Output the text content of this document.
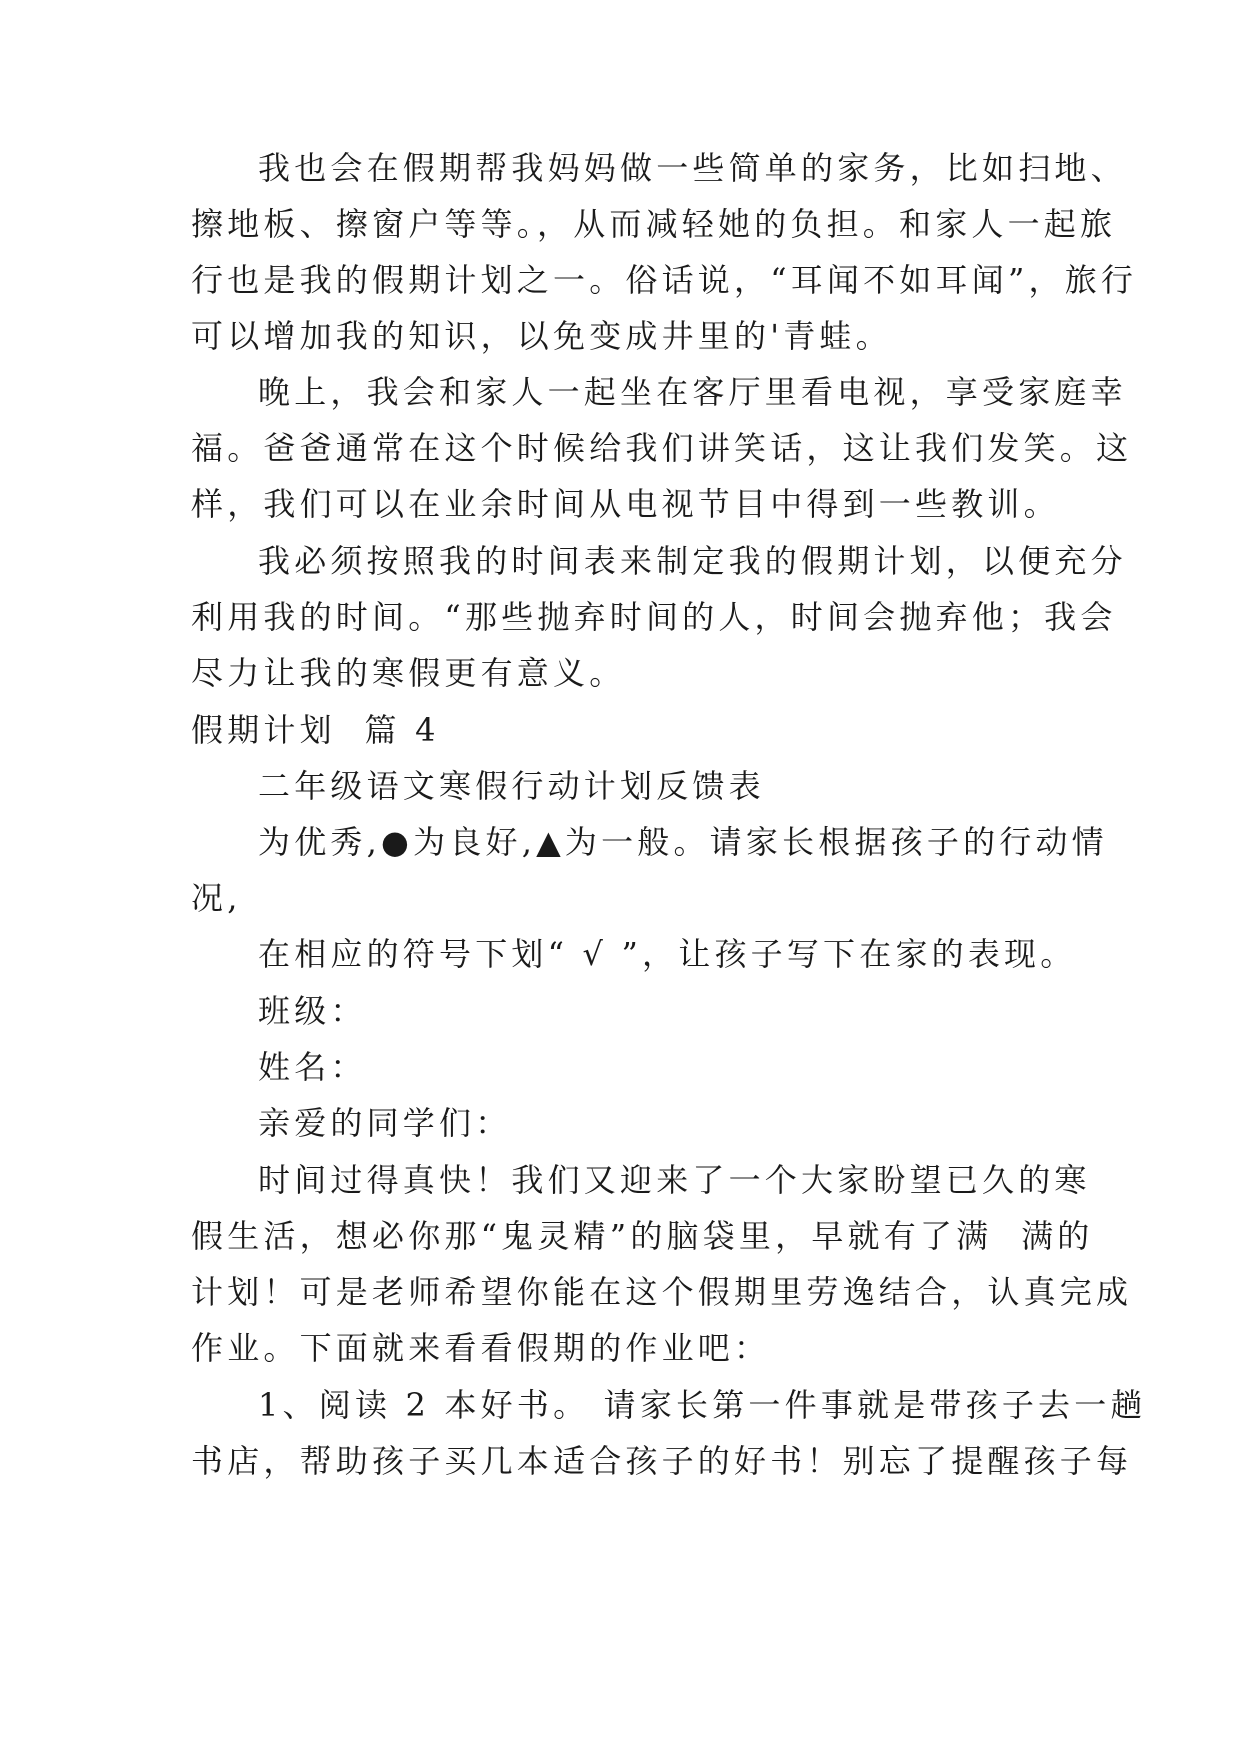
我也会在假期帮我妈妈做一些简单的家务，比如扫地、
擦地板、擦窗户等等。，从而减轻她的负担。和家人一起旅
行也是我的假期计划之一。俗话说，“耳闻不如耳闻”，旅行
可以增加我的知识，以免变成井里的'青蛙。
晚上，我会和家人一起坐在客厅里看电视，享受家庭幸
福。爸爸通常在这个时候给我们讲笑话，这让我们发笑。这
样，我们可以在业余时间从电视节目中得到一些教训。
我必须按照我的时间表来制定我的假期计划，以便充分
利用我的时间。“那些抛弃时间的人，时间会抛弃他；我会
尽力让我的寒假更有意义。
假期计划  篇 4
二年级语文寒假行动计划反馈表
为优秀,●为良好,▲为一般。请家长根据孩子的行动情
况,
在相应的符号下划“ √ ”，让孩子写下在家的表现。
班级：
姓名：
亲爱的同学们：
时间过得真快！我们又迎来了一个大家盼望已久的寒
假生活，想必你那“鬼灵精”的脑袋里，早就有了满  满的
计划！可是老师希望你能在这个假期里劳逸结合，认真完成
作业。下面就来看看假期的作业吧：
1、阅读 2 本好书。 请家长第一件事就是带孩子去一趟
书店，帮助孩子买几本适合孩子的好书！别忘了提醒孩子每
